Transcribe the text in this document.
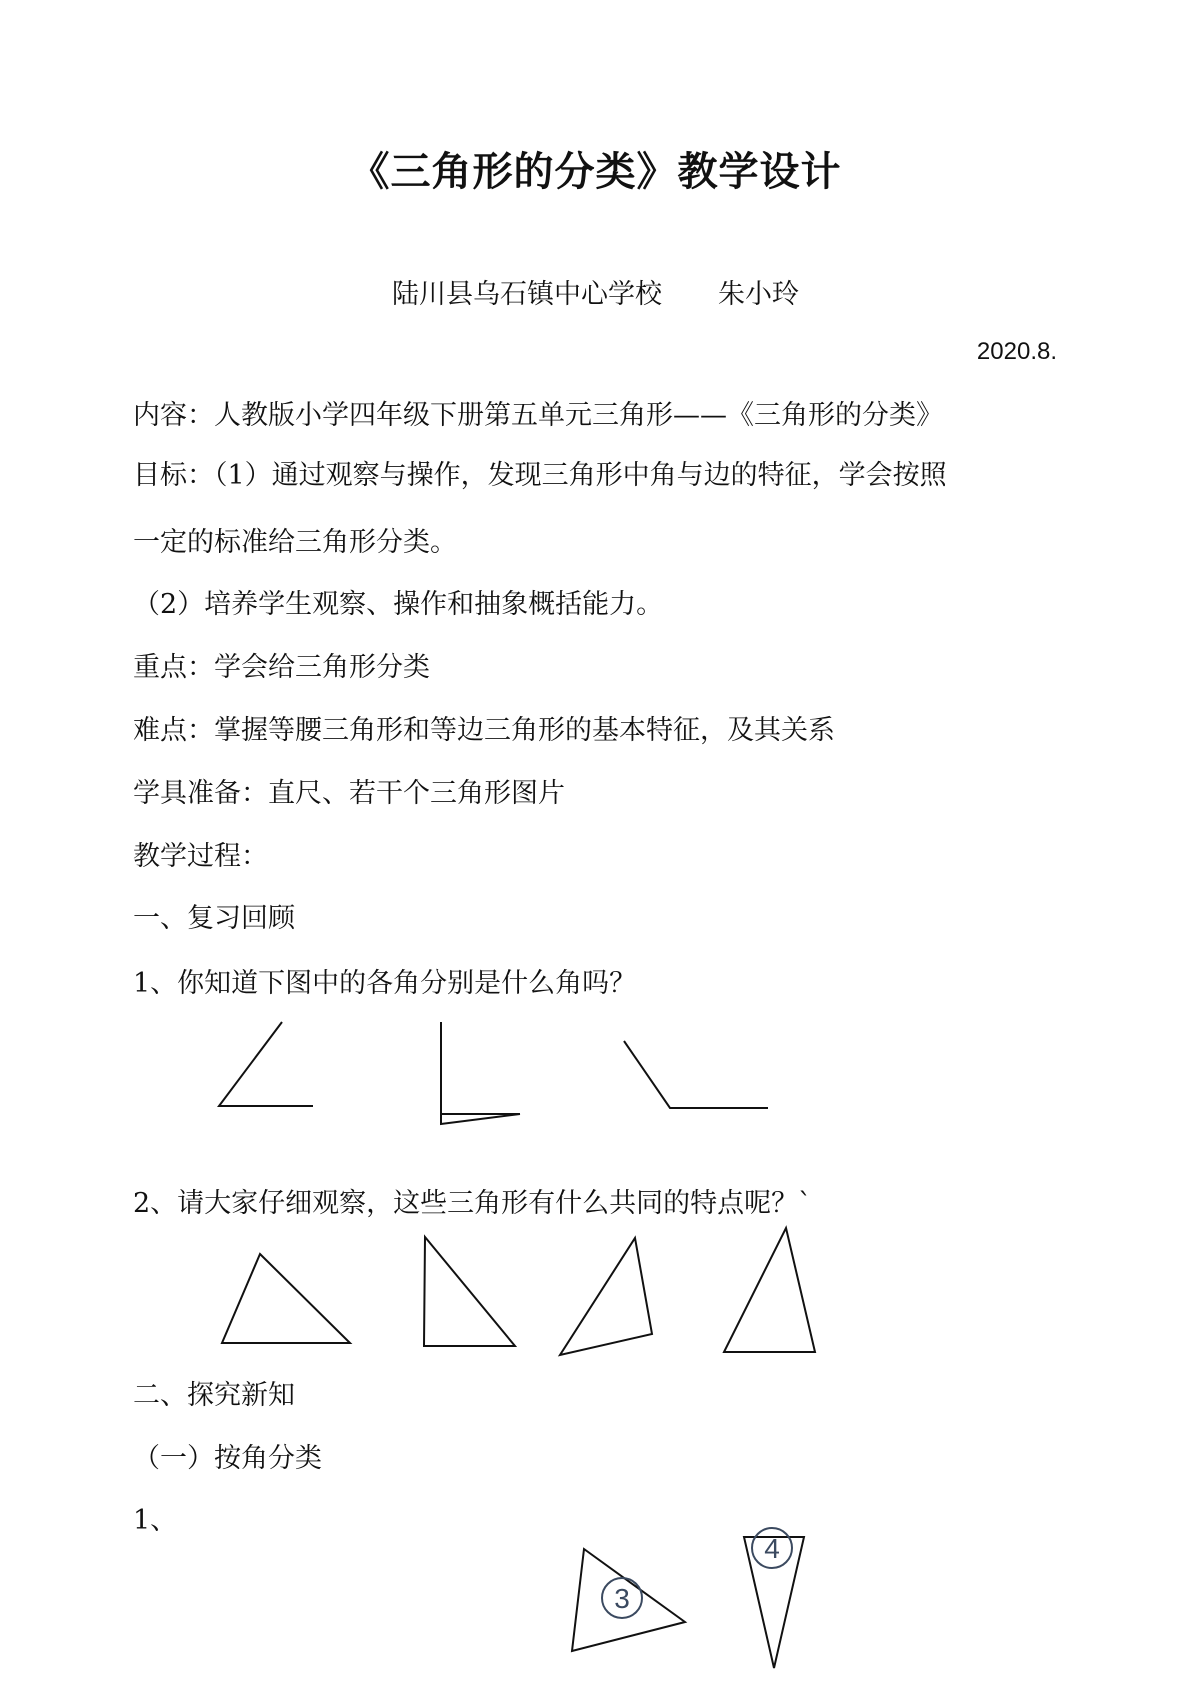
《三角形的分类》教学设计
陆川县乌石镇中心学校 朱小玲
2020.8.
内容：人教版小学四年级下册第五单元三角形——《三角形的分类》
目标：（1）通过观察与操作，发现三角形中角与边的特征，学会按照
一定的标准给三角形分类。
（2）培养学生观察、操作和抽象概括能力。
重点：学会给三角形分类
难点：掌握等腰三角形和等边三角形的基本特征，及其关系
学具准备：直尺、若干个三角形图片
教学过程：
一、复习回顾
1、你知道下图中的各角分别是什么角吗？
2、请大家仔细观察，这些三角形有什么共同的特点呢？`
二、探究新知
（一）按角分类
1、
3
4
